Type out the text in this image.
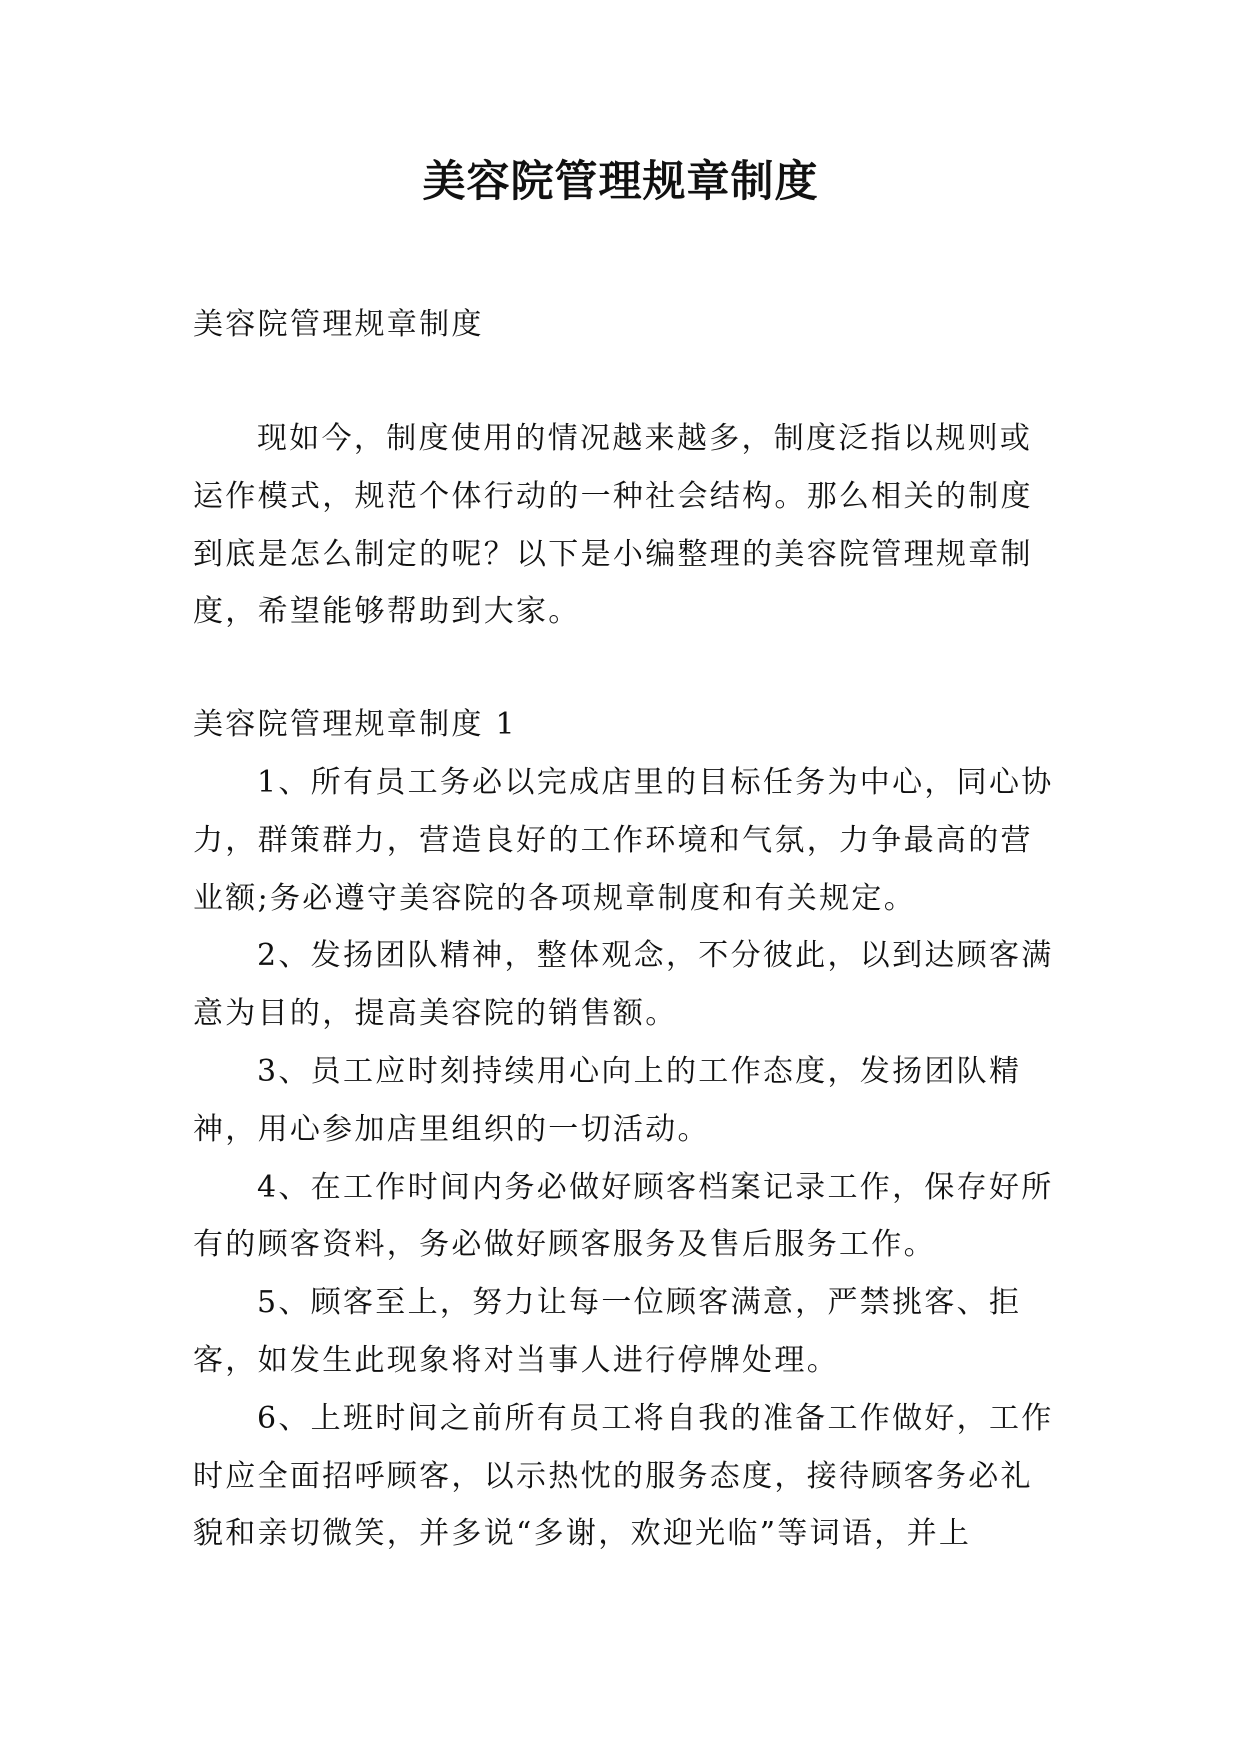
美容院管理规章制度

美容院管理规章制度

现如今，制度使用的情况越来越多，制度泛指以规则或运作模式，规范个体行动的一种社会结构。那么相关的制度到底是怎么制定的呢？以下是小编整理的美容院管理规章制度，希望能够帮助到大家。

美容院管理规章制度 1

1、所有员工务必以完成店里的目标任务为中心，同心协力，群策群力，营造良好的工作环境和气氛，力争最高的营业额;务必遵守美容院的各项规章制度和有关规定。
2、发扬团队精神，整体观念，不分彼此，以到达顾客满意为目的，提高美容院的销售额。
3、员工应时刻持续用心向上的工作态度，发扬团队精神，用心参加店里组织的一切活动。
4、在工作时间内务必做好顾客档案记录工作，保存好所有的顾客资料，务必做好顾客服务及售后服务工作。
5、顾客至上，努力让每一位顾客满意，严禁挑客、拒客，如发生此现象将对当事人进行停牌处理。
6、上班时间之前所有员工将自我的准备工作做好，工作时应全面招呼顾客，以示热忱的服务态度，接待顾客务必礼貌和亲切微笑，并多说“多谢，欢迎光临”等词语，并上
